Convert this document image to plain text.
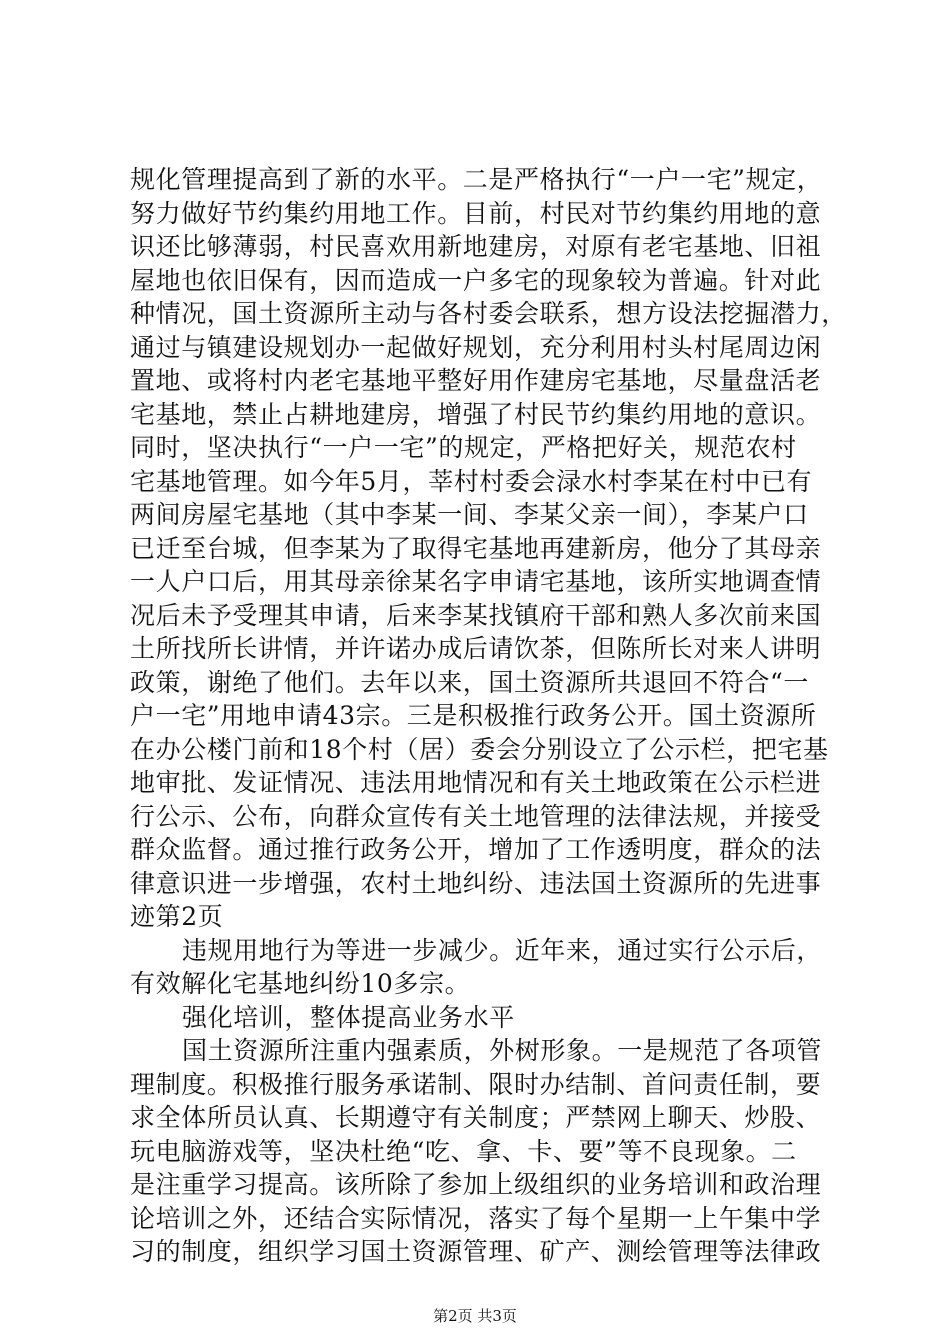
规化管理提高到了新的水平。二是严格执行“一户一宅”规定，
努力做好节约集约用地工作。目前，村民对节约集约用地的意
识还比够薄弱，村民喜欢用新地建房，对原有老宅基地、旧祖
屋地也依旧保有，因而造成一户多宅的现象较为普遍。针对此
种情况，国土资源所主动与各村委会联系，想方设法挖掘潜力，
通过与镇建设规划办一起做好规划，充分利用村头村尾周边闲
置地、或将村内老宅基地平整好用作建房宅基地，尽量盘活老
宅基地，禁止占耕地建房，增强了村民节约集约用地的意识。
同时，坚决执行“一户一宅”的规定，严格把好关，规范农村
宅基地管理。如今年5月，莘村村委会渌水村李某在村中已有
两间房屋宅基地（其中李某一间、李某父亲一间），李某户口
已迁至台城，但李某为了取得宅基地再建新房，他分了其母亲
一人户口后，用其母亲徐某名字申请宅基地，该所实地调查情
况后未予受理其申请，后来李某找镇府干部和熟人多次前来国
土所找所长讲情，并许诺办成后请饮茶，但陈所长对来人讲明
政策，谢绝了他们。去年以来，国土资源所共退回不符合“一
户一宅”用地申请43宗。三是积极推行政务公开。国土资源所
在办公楼门前和18个村（居）委会分别设立了公示栏，把宅基
地审批、发证情况、违法用地情况和有关土地政策在公示栏进
行公示、公布，向群众宣传有关土地管理的法律法规，并接受
群众监督。通过推行政务公开，增加了工作透明度，群众的法
律意识进一步增强，农村土地纠纷、违法国土资源所的先进事
迹第2页
违规用地行为等进一步减少。近年来，通过实行公示后，
有效解化宅基地纠纷10多宗。
强化培训，整体提高业务水平
国土资源所注重内强素质，外树形象。一是规范了各项管
理制度。积极推行服务承诺制、限时办结制、首问责任制，要
求全体所员认真、长期遵守有关制度；严禁网上聊天、炒股、
玩电脑游戏等，坚决杜绝“吃、拿、卡、要”等不良现象。二
是注重学习提高。该所除了参加上级组织的业务培训和政治理
论培训之外，还结合实际情况，落实了每个星期一上午集中学
习的制度，组织学习国土资源管理、矿产、测绘管理等法律政
第2页 共3页
